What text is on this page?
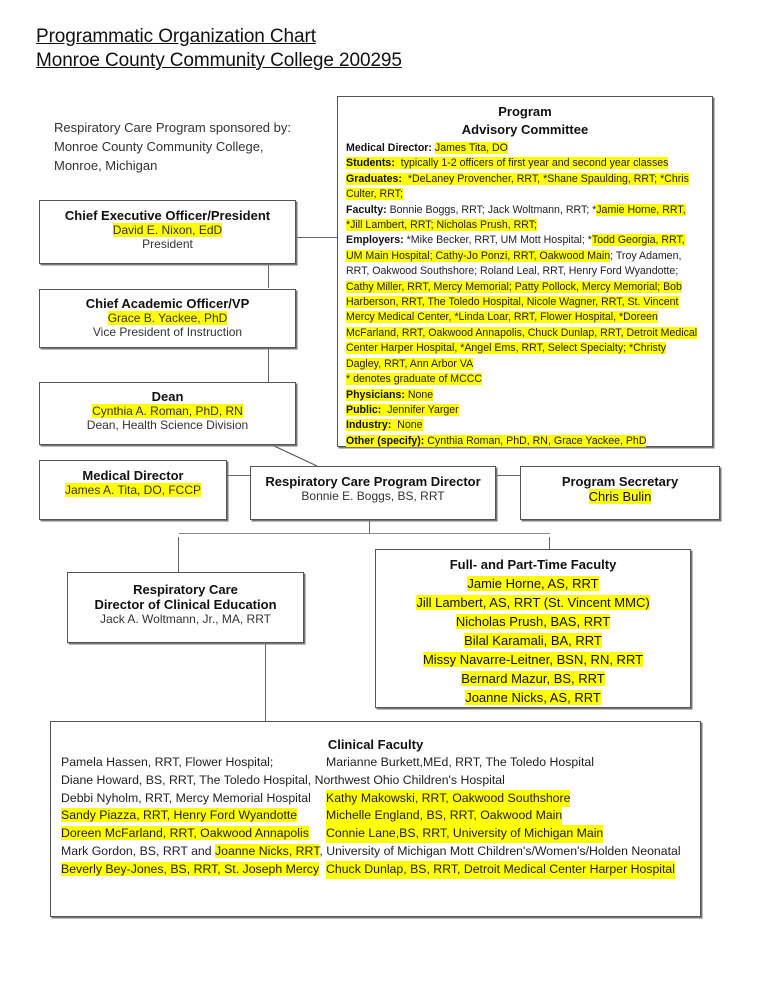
Programmatic Organization Chart
Monroe County Community College 200295
Respiratory Care Program sponsored by: Monroe County Community College, Monroe, Michigan
Program
Advisory Committee
Medical Director: James Tita, DO
Students: typically 1-2 officers of first year and second year classes
Graduates: *DeLaney Provencher, RRT, *Shane Spaulding, RRT; *Chris Culter, RRT;
Faculty: Bonnie Boggs, RRT; Jack Woltmann, RRT; *Jamie Horne, RRT, *Jill Lambert, RRT; Nicholas Prush, RRT;
Employers: *Mike Becker, RRT, UM Mott Hospital; *Todd Georgia, RRT, UM Main Hospital; Cathy-Jo Ponzi, RRT, Oakwood Main; Troy Adamen, RRT, Oakwood Southshore; Roland Leal, RRT, Henry Ford Wyandotte; Cathy Miller, RRT, Mercy Memorial; Patty Pollock, Mercy Memorial; Bob Harberson, RRT, The Toledo Hospital, Nicole Wagner, RRT, St. Vincent Mercy Medical Center, *Linda Loar, RRT, Flower Hospital, *Doreen McFarland, RRT, Oakwood Annapolis, Chuck Dunlap, RRT, Detroit Medical Center Harper Hospital, *Angel Ems, RRT, Select Specialty; *Christy Dagley, RRT, Ann Arbor VA
* denotes graduate of MCCC
Physicians: None
Public: Jennifer Yarger
Industry: None
Other (specify): Cynthia Roman, PhD, RN, Grace Yackee, PhD
Chief Executive Officer/President
David E. Nixon, EdD
President
Chief Academic Officer/VP
Grace B. Yackee, PhD
Vice President of Instruction
Dean
Cynthia A. Roman, PhD, RN
Dean, Health Science Division
Medical Director
James A. Tita, DO, FCCP
Respiratory Care Program Director
Bonnie E. Boggs, BS, RRT
Program Secretary
Chris Bulin
Respiratory Care
Director of Clinical Education
Jack A. Woltmann, Jr., MA, RRT
Full- and Part-Time Faculty
Jamie Horne, AS, RRT
Jill Lambert, AS, RRT (St. Vincent MMC)
Nicholas Prush, BAS, RRT
Bilal Karamali, BA, RRT
Missy Navarre-Leitner, BSN, RN, RRT
Bernard Mazur, BS, RRT
Joanne Nicks, AS, RRT
Clinical Faculty
Pamela Hassen, RRT, Flower Hospital;	Marianne Burkett,MEd, RRT, The Toledo Hospital
Diane Howard, BS, RRT, The Toledo Hospital, Northwest Ohio Children's Hospital
Debbi Nyholm, RRT, Mercy Memorial Hospital Kathy Makowski, RRT, Oakwood Southshore
Sandy Piazza, RRT, Henry Ford Wyandotte Michelle England, BS, RRT, Oakwood Main
Doreen McFarland, RRT, Oakwood Annapolis Connie Lane,BS, RRT, University of Michigan Main
Mark Gordon, BS, RRT and Joanne Nicks, RRT, University of Michigan Mott Children's/Women's/Holden Neonatal
Beverly Bey-Jones, BS, RRT, St. Joseph Mercy Chuck Dunlap, BS, RRT, Detroit Medical Center Harper Hospital
